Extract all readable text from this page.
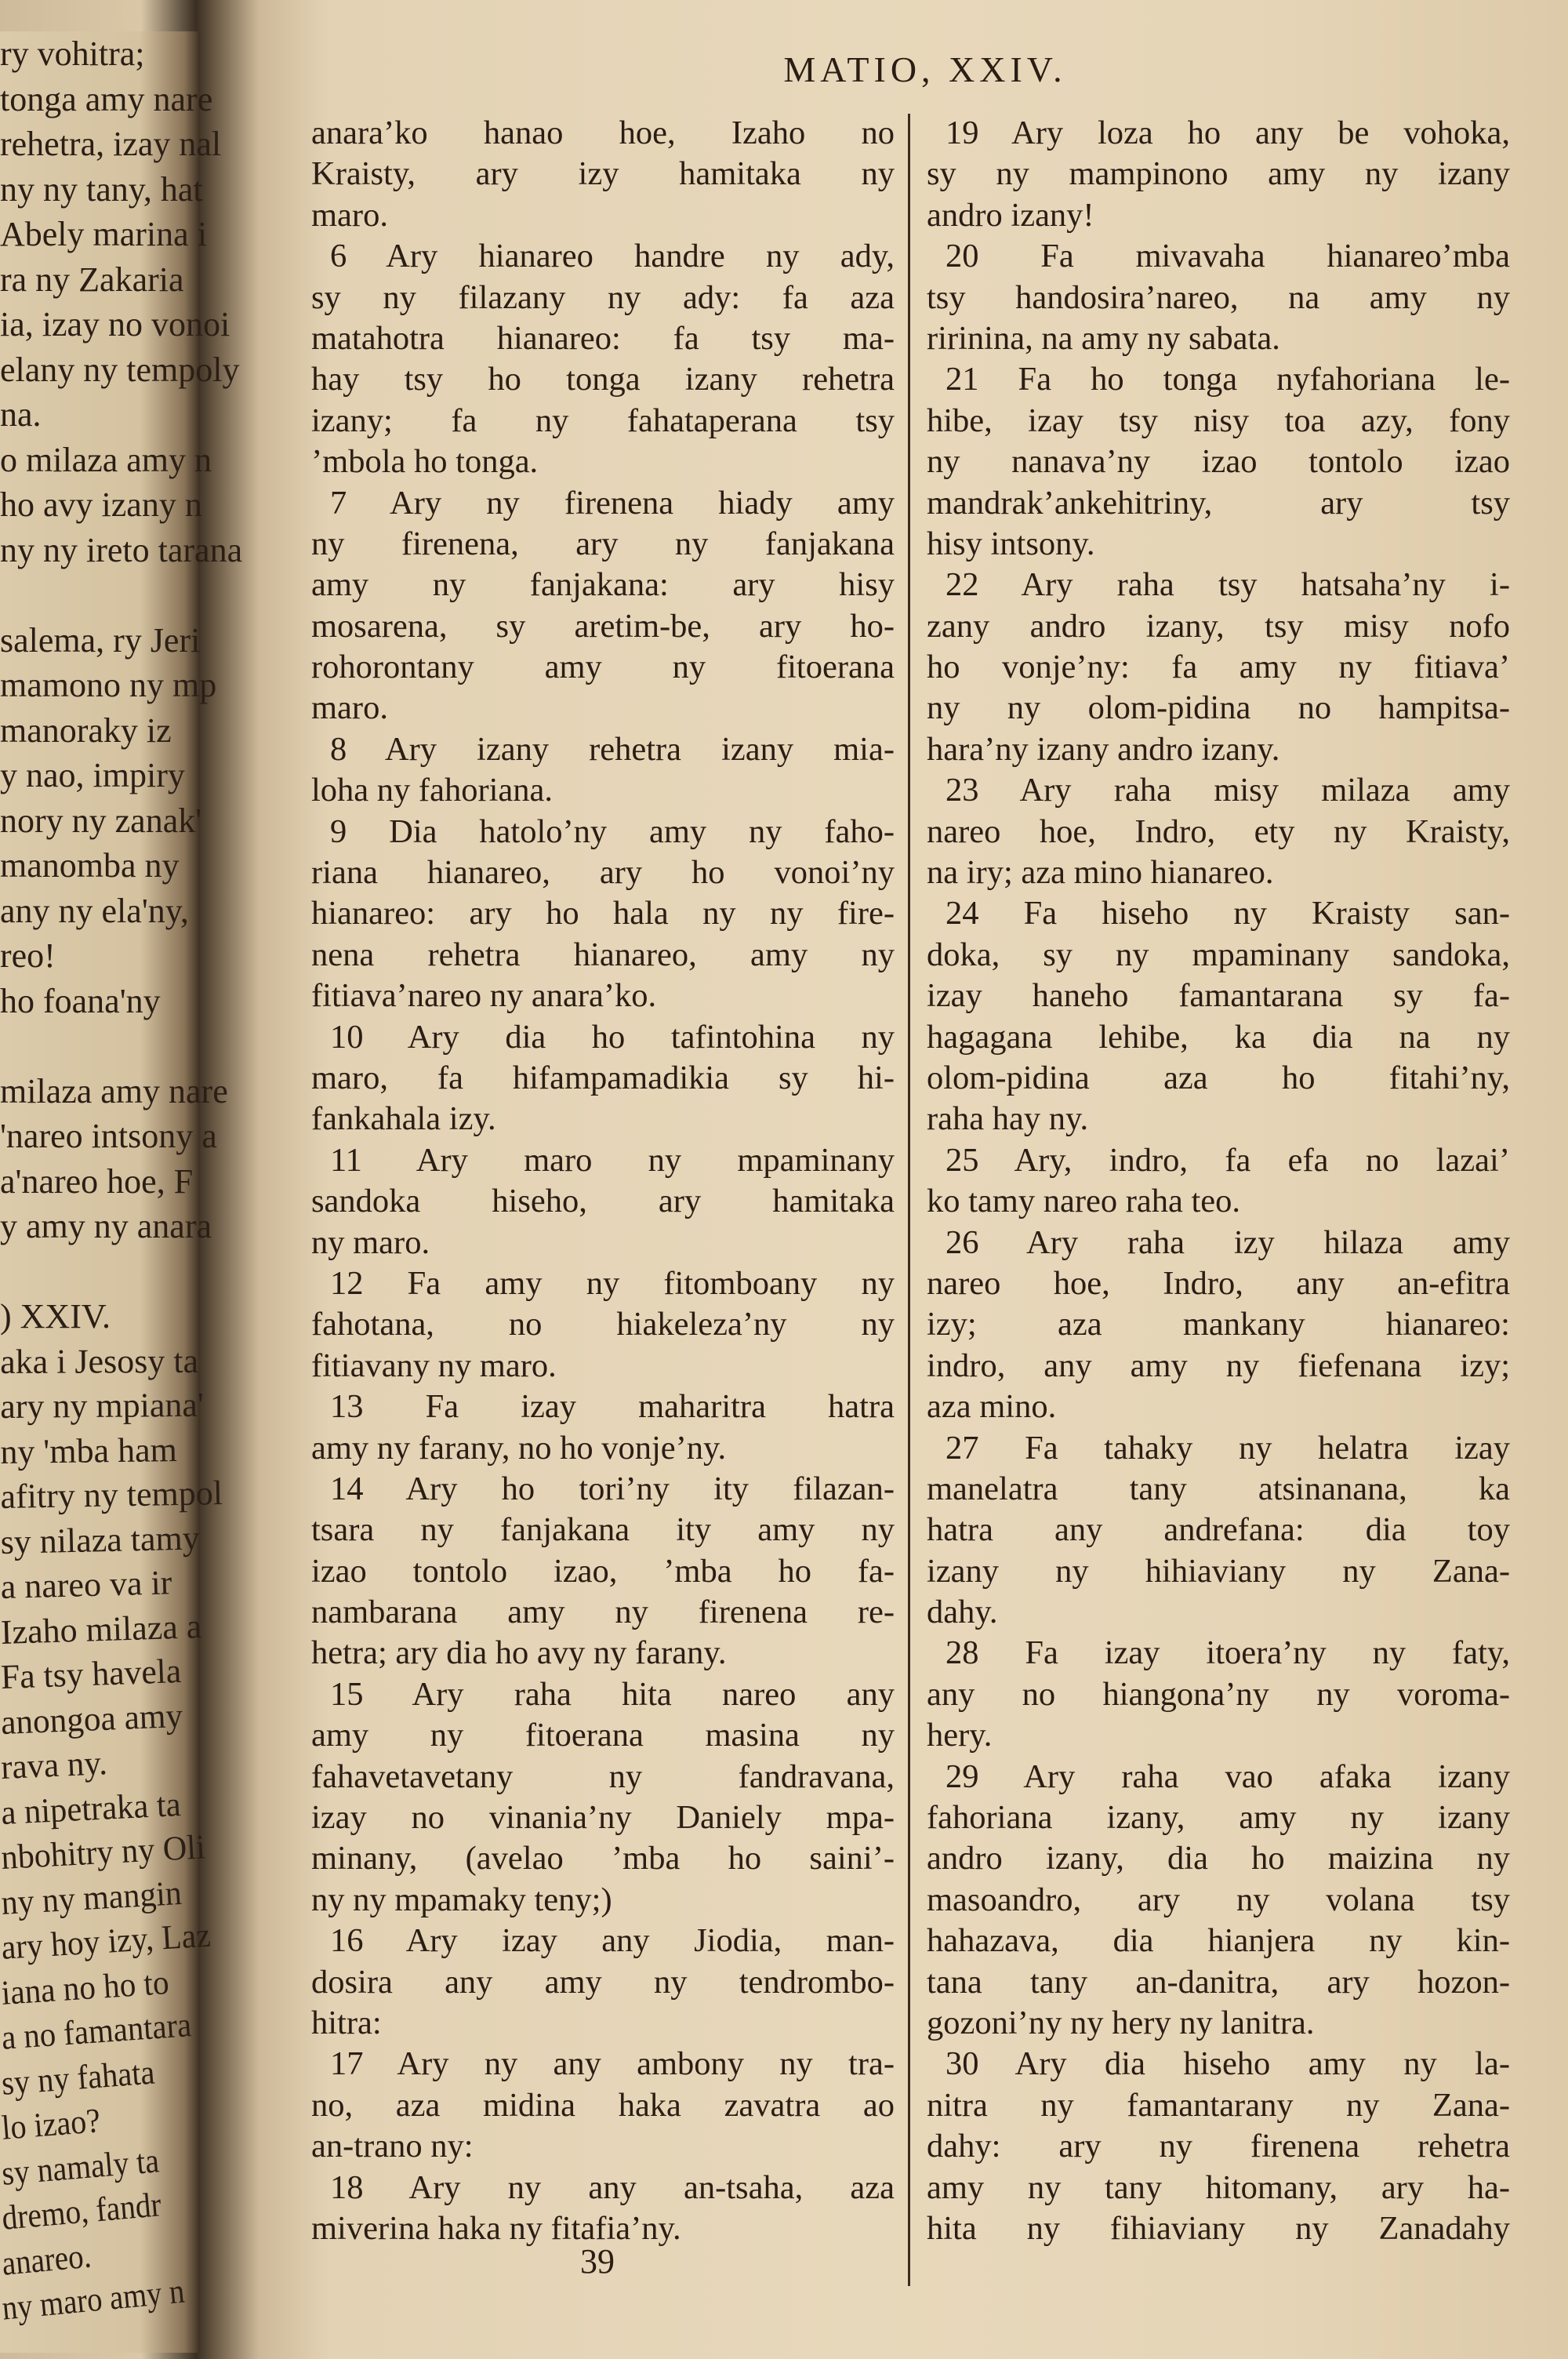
ry vohitra;
tonga amy nare
rehetra, izay nal
ny ny tany, hat
Abely marina i
ra ny Zakaria
ia, izay no vonoi
elany ny tempoly
na.
o milaza amy n
ho avy izany n
ny ny ireto tarana
salema, ry Jeri
mamono ny mp
manoraky iz
y nao, impiry
nory ny zanak'
manomba ny
any ny ela'ny,
reo!
ho foana'ny
milaza amy nare
'nareo intsony a
a'nareo hoe, F
y amy ny anara
) XXIV.
aka i Jesosy ta
ary ny mpiana'
ny 'mba ham
afitry ny tempol
sy nilaza tamy
a nareo va ir
Izaho milaza a
Fa tsy havela
anongoa amy
rava ny.
a nipetraka ta
nbohitry ny Oli
ny ny mangin
ary hoy izy, Laz
iana no ho to
a no famantara
sy ny fahata
lo izao?
sy namaly ta
dremo, fandr
anareo.
ny maro amy n
MATIO, XXIV.
anara’ko hanao hoe, Izaho no
Kraisty, ary izy hamitaka ny
maro.
6 Ary hianareo handre ny ady,
sy ny filazany ny ady: fa aza
matahotra hianareo: fa tsy ma-
hay tsy ho tonga izany rehetra
izany; fa ny fahataperana tsy
’mbola ho tonga.
7 Ary ny firenena hiady amy
ny firenena, ary ny fanjakana
amy ny fanjakana: ary hisy
mosarena, sy aretim-be, ary ho-
rohorontany amy ny fitoerana
maro.
8 Ary izany rehetra izany mia-
loha ny fahoriana.
9 Dia hatolo’ny amy ny faho-
riana hianareo, ary ho vonoi’ny
hianareo: ary ho hala ny ny fire-
nena rehetra hianareo, amy ny
fitiava’nareo ny anara’ko.
10 Ary dia ho tafintohina ny
maro, fa hifampamadikia sy hi-
fankahala izy.
11 Ary maro ny mpaminany
sandoka hiseho, ary hamitaka
ny maro.
12 Fa amy ny fitomboany ny
fahotana, no hiakeleza’ny ny
fitiavany ny maro.
13 Fa izay maharitra hatra
amy ny farany, no ho vonje’ny.
14 Ary ho tori’ny ity filazan-
tsara ny fanjakana ity amy ny
izao tontolo izao, ’mba ho fa-
nambarana amy ny firenena re-
hetra; ary dia ho avy ny farany.
15 Ary raha hita nareo any
amy ny fitoerana masina ny
fahavetavetany ny fandravana,
izay no vinania’ny Daniely mpa-
minany, (avelao ’mba ho saini’-
ny ny mpamaky teny;)
16 Ary izay any Jiodia, man-
dosira any amy ny tendrombo-
hitra:
17 Ary ny any ambony ny tra-
no, aza midina haka zavatra ao
an-trano ny:
18 Ary ny any an-tsaha, aza
miverina haka ny fitafia’ny.
19 Ary loza ho any be vohoka,
sy ny mampinono amy ny izany
andro izany!
20 Fa mivavaha hianareo’mba
tsy handosira’nareo, na amy ny
ririnina, na amy ny sabata.
21 Fa ho tonga nyfahoriana le-
hibe, izay tsy nisy toa azy, fony
ny nanava’ny izao tontolo izao
mandrak’ankehitriny, ary tsy
hisy intsony.
22 Ary raha tsy hatsaha’ny i-
zany andro izany, tsy misy nofo
ho vonje’ny: fa amy ny fitiava’
ny ny olom-pidina no hampitsa-
hara’ny izany andro izany.
23 Ary raha misy milaza amy
nareo hoe, Indro, ety ny Kraisty,
na iry; aza mino hianareo.
24 Fa hiseho ny Kraisty san-
doka, sy ny mpaminany sandoka,
izay haneho famantarana sy fa-
hagagana lehibe, ka dia na ny
olom-pidina aza ho fitahi’ny,
raha hay ny.
25 Ary, indro, fa efa no lazai’
ko tamy nareo raha teo.
26 Ary raha izy hilaza amy
nareo hoe, Indro, any an-efitra
izy; aza mankany hianareo:
indro, any amy ny fiefenana izy;
aza mino.
27 Fa tahaky ny helatra izay
manelatra tany atsinanana, ka
hatra any andrefana: dia toy
izany ny hihiaviany ny Zana-
dahy.
28 Fa izay itoera’ny ny faty,
any no hiangona’ny ny voroma-
hery.
29 Ary raha vao afaka izany
fahoriana izany, amy ny izany
andro izany, dia ho maizina ny
masoandro, ary ny volana tsy
hahazava, dia hianjera ny kin-
tana tany an-danitra, ary hozon-
gozoni’ny ny hery ny lanitra.
30 Ary dia hiseho amy ny la-
nitra ny famantarany ny Zana-
dahy: ary ny firenena rehetra
amy ny tany hitomany, ary ha-
hita ny fihiaviany ny Zanadahy
39
